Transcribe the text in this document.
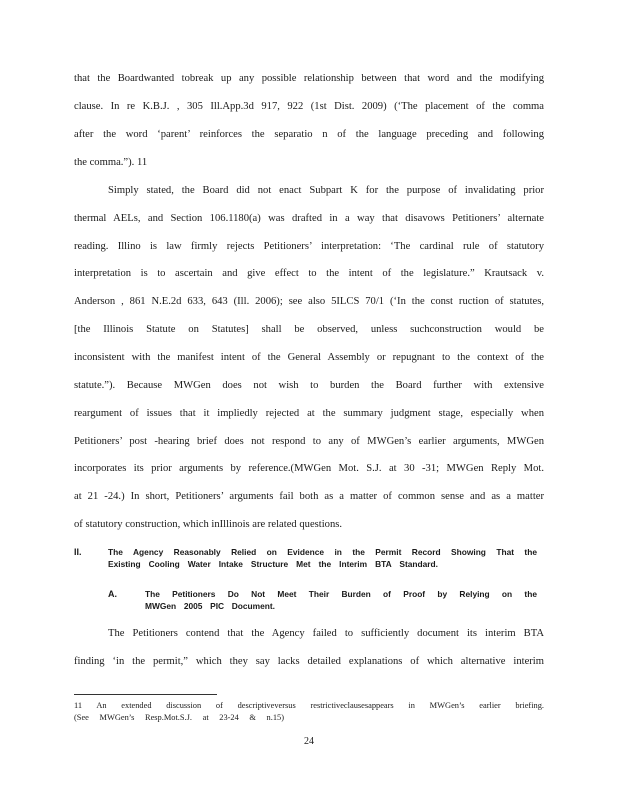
that the Boardwanted tobreak up any possible relationship between that word and the modifying
clause. In re K.B.J. , 305 Ill.App.3d 917, 922 (1st Dist. 2009) (‘The placement of the comma
after the word ‘parent’ reinforces the separatio n of the language preceding and following
the comma.”). 11
Simply stated, the Board did not enact Subpart K for the purpose of invalidating prior
thermal AELs, and Section 106.1180(a) was drafted in a way that disavows Petitioners’ alternate
reading. Illino is law firmly rejects Petitioners’ interpretation: ‘The cardinal rule of statutory
interpretation is to ascertain and give effect to the intent of the legislature.” Krautsack v.
Anderson , 861 N.E.2d 633, 643 (Ill. 2006); see also 5ILCS 70/1 (‘In the const ruction of statutes,
[the Illinois Statute on Statutes] shall be observed, unless suchconstruction would be
inconsistent with the manifest intent of the General Assembly or repugnant to the context of the
statute.”). Because MWGen does not wish to burden the Board further with extensive
reargument of issues that it impliedly rejected at the summary judgment stage, especially when
Petitioners’ post -hearing brief does not respond to any of MWGen’s earlier arguments, MWGen
incorporates its prior arguments by reference.(MWGen Mot. S.J. at 30 -31; MWGen Reply Mot.
at 21 -24.) In short, Petitioners’ arguments fail both as a matter of common sense and as a matter
of statutory construction, which inIllinois are related questions.
II.	The Agency Reasonably Relied on Evidence in the Permit Record Showing That the
Existing Cooling Water Intake Structure Met the Interim BTA Standard.
A.	The Petitioners Do Not Meet Their Burden of Proof by Relying on the
MWGen 2005 PIC Document.
The Petitioners contend that the Agency failed to sufficiently document its interim BTA
finding ‘in the permit,” which they say lacks detailed explanations of which alternative interim
11 An extended discussion of descriptiveversus restrictiveclausesappears in MWGen’s earlier briefing.
(See MWGen’s Resp.Mot.S.J. at 23-24 & n.15)
24
